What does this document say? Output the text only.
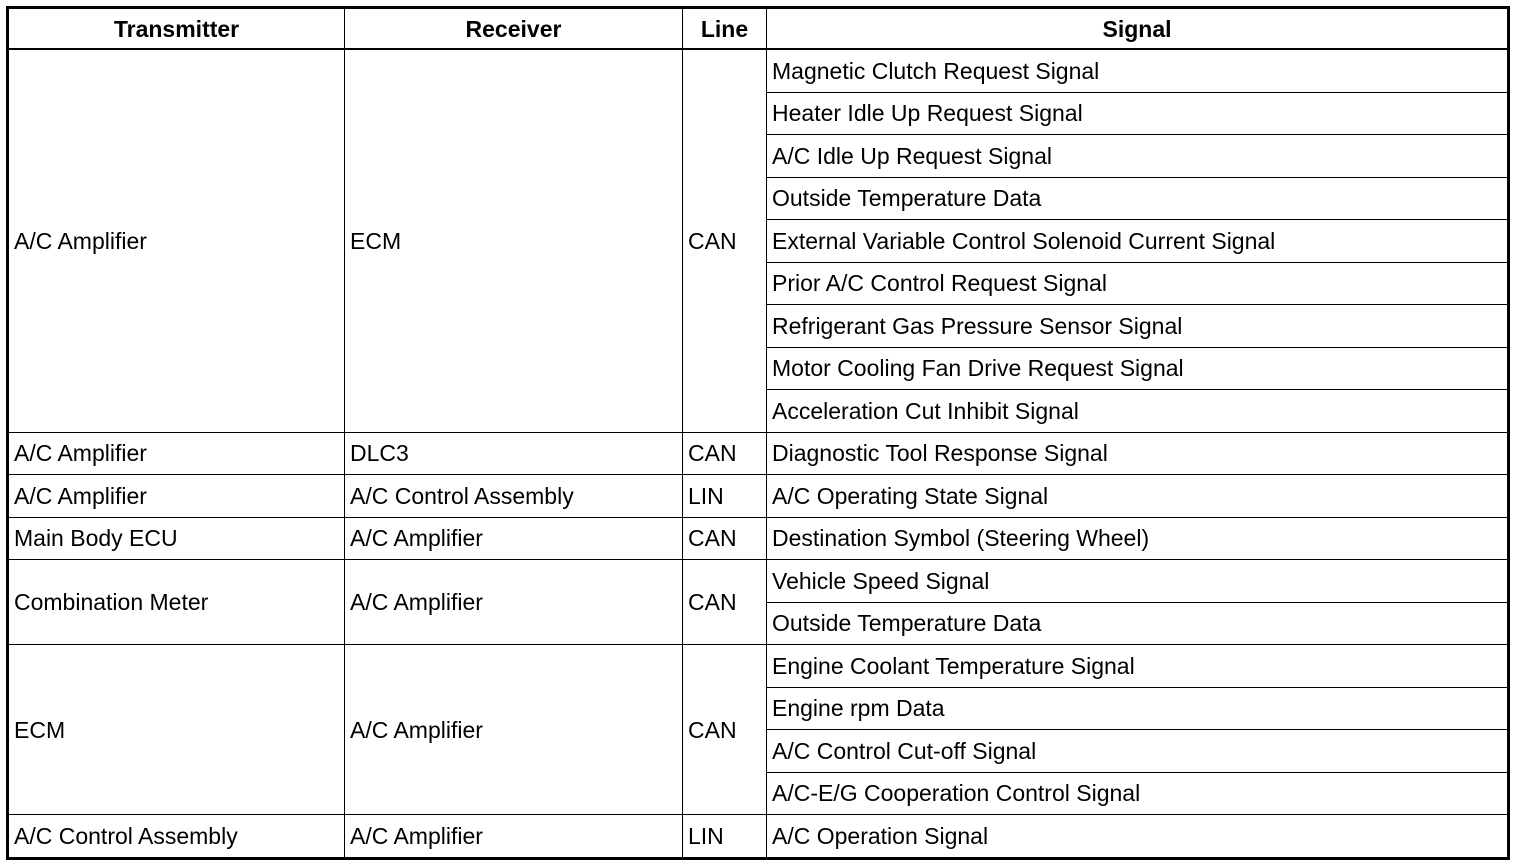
Transmitter	Receiver	Line	Signal
A/C Amplifier	ECM	CAN	Magnetic Clutch Request Signal
			Heater Idle Up Request Signal
			A/C Idle Up Request Signal
			Outside Temperature Data
			External Variable Control Solenoid Current Signal
			Prior A/C Control Request Signal
			Refrigerant Gas Pressure Sensor Signal
			Motor Cooling Fan Drive Request Signal
			Acceleration Cut Inhibit Signal
A/C Amplifier	DLC3	CAN	Diagnostic Tool Response Signal
A/C Amplifier	A/C Control Assembly	LIN	A/C Operating State Signal
Main Body ECU	A/C Amplifier	CAN	Destination Symbol (Steering Wheel)
Combination Meter	A/C Amplifier	CAN	Vehicle Speed Signal
			Outside Temperature Data
ECM	A/C Amplifier	CAN	Engine Coolant Temperature Signal
			Engine rpm Data
			A/C Control Cut-off Signal
			A/C-E/G Cooperation Control Signal
A/C Control Assembly	A/C Amplifier	LIN	A/C Operation Signal
